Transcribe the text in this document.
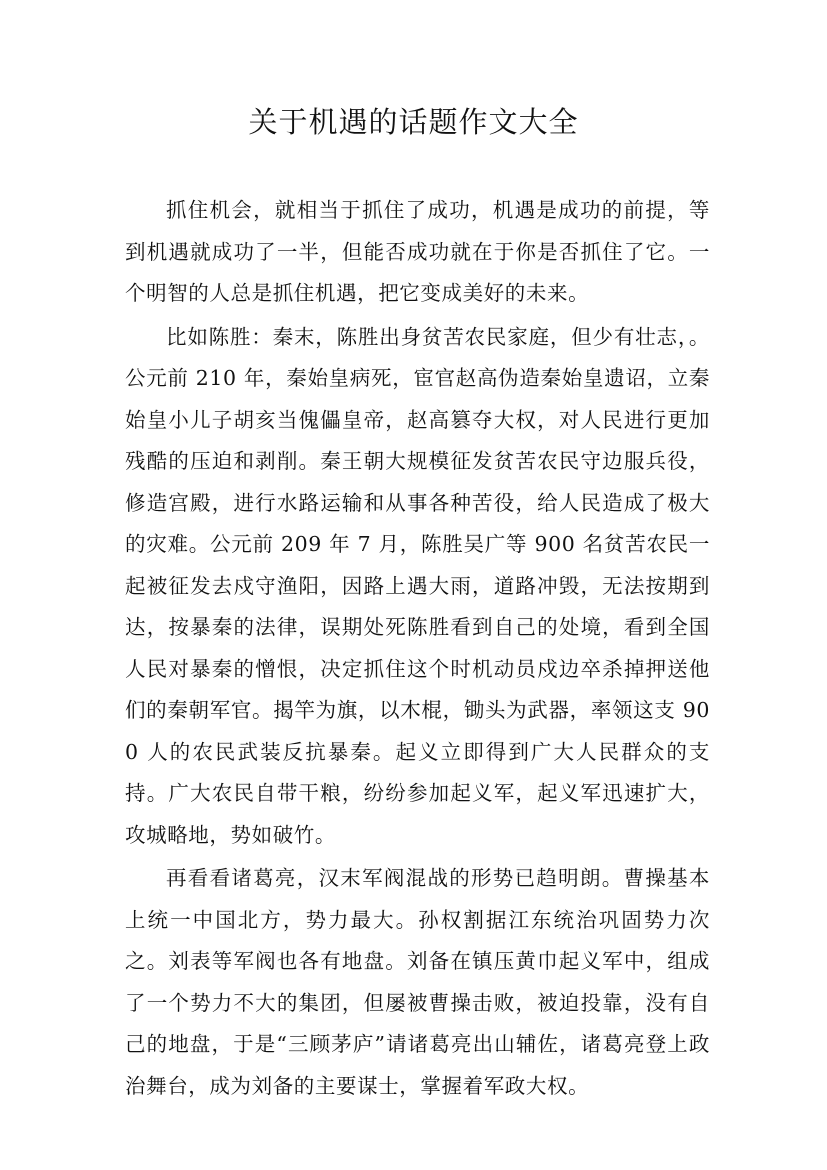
关于机遇的话题作文大全

抓住机会，就相当于抓住了成功，机遇是成功的前提，等到机遇就成功了一半，但能否成功就在于你是否抓住了它。一个明智的人总是抓住机遇，把它变成美好的未来。

比如陈胜：秦末，陈胜出身贫苦农民家庭，但少有壮志，。公元前 210 年，秦始皇病死，宦官赵高伪造秦始皇遗诏，立秦始皇小儿子胡亥当傀儡皇帝，赵高篡夺大权，对人民进行更加残酷的压迫和剥削。秦王朝大规模征发贫苦农民守边服兵役，修造宫殿，进行水路运输和从事各种苦役，给人民造成了极大的灾难。公元前 209 年 7 月，陈胜吴广等 900 名贫苦农民一起被征发去戍守渔阳，因路上遇大雨，道路冲毁，无法按期到达，按暴秦的法律，误期处死陈胜看到自己的处境，看到全国人民对暴秦的憎恨，决定抓住这个时机动员戍边卒杀掉押送他们的秦朝军官。揭竿为旗，以木棍，锄头为武器，率领这支 900 人的农民武装反抗暴秦。起义立即得到广大人民群众的支持。广大农民自带干粮，纷纷参加起义军，起义军迅速扩大，攻城略地，势如破竹。

再看看诸葛亮，汉末军阀混战的形势已趋明朗。曹操基本上统一中国北方，势力最大。孙权割据江东统治巩固势力次之。刘表等军阀也各有地盘。刘备在镇压黄巾起义军中，组成了一个势力不大的集团，但屡被曹操击败，被迫投靠，没有自己的地盘，于是“三顾茅庐”请诸葛亮出山辅佐，诸葛亮登上政治舞台，成为刘备的主要谋士，掌握着军政大权。
